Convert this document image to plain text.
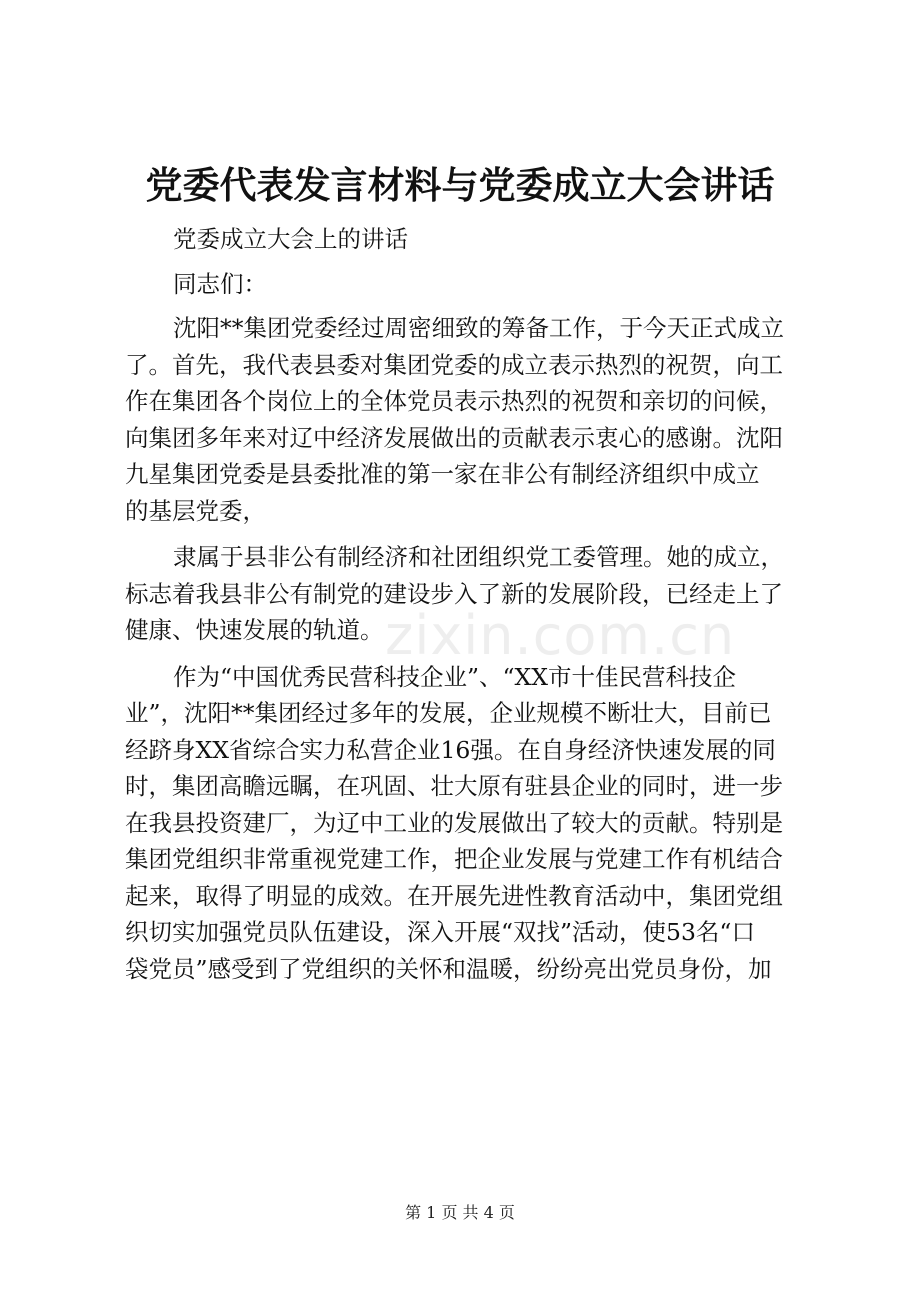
党委代表发言材料与党委成立大会讲话
党委成立大会上的讲话
同志们：
沈阳**集团党委经过周密细致的筹备工作，于今天正式成立
了。首先，我代表县委对集团党委的成立表示热烈的祝贺，向工
作在集团各个岗位上的全体党员表示热烈的祝贺和亲切的问候，
向集团多年来对辽中经济发展做出的贡献表示衷心的感谢。沈阳
九星集团党委是县委批准的第一家在非公有制经济组织中成立
的基层党委，
隶属于县非公有制经济和社团组织党工委管理。她的成立，
标志着我县非公有制党的建设步入了新的发展阶段，已经走上了
健康、快速发展的轨道。
作为“中国优秀民营科技企业”、“XX市十佳民营科技企
业”，沈阳**集团经过多年的发展，企业规模不断壮大，目前已
经跻身XX省综合实力私营企业16强。在自身经济快速发展的同
时，集团高瞻远瞩，在巩固、壮大原有驻县企业的同时，进一步
在我县投资建厂，为辽中工业的发展做出了较大的贡献。特别是
集团党组织非常重视党建工作，把企业发展与党建工作有机结合
起来，取得了明显的成效。在开展先进性教育活动中，集团党组
织切实加强党员队伍建设，深入开展“双找”活动，使53名“口
袋党员”感受到了党组织的关怀和温暖，纷纷亮出党员身份，加
zixin.com.cn
第 1 页 共 4 页
